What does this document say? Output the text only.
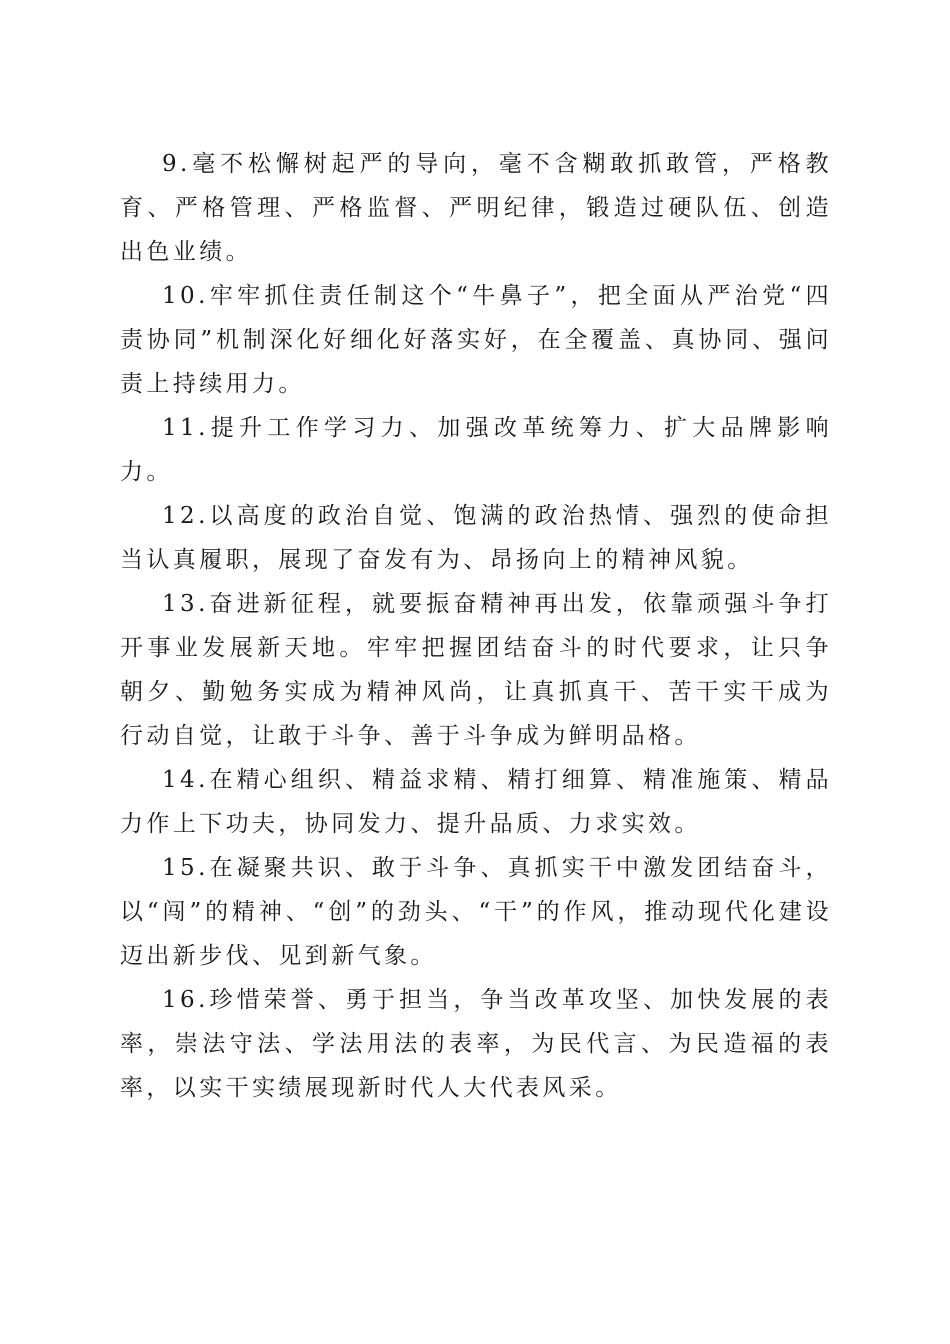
9.毫不松懈树起严的导向，毫不含糊敢抓敢管，严格教育、严格管理、严格监督、严明纪律，锻造过硬队伍、创造出色业绩。

10.牢牢抓住责任制这个“牛鼻子”，把全面从严治党“四责协同”机制深化好细化好落实好，在全覆盖、真协同、强问责上持续用力。

11.提升工作学习力、加强改革统筹力、扩大品牌影响力。

12.以高度的政治自觉、饱满的政治热情、强烈的使命担当认真履职，展现了奋发有为、昂扬向上的精神风貌。

13.奋进新征程，就要振奋精神再出发，依靠顽强斗争打开事业发展新天地。牢牢把握团结奋斗的时代要求，让只争朝夕、勤勉务实成为精神风尚，让真抓真干、苦干实干成为行动自觉，让敢于斗争、善于斗争成为鲜明品格。

14.在精心组织、精益求精、精打细算、精准施策、精品力作上下功夫，协同发力、提升品质、力求实效。

15.在凝聚共识、敢于斗争、真抓实干中激发团结奋斗，以“闯”的精神、“创”的劲头、“干”的作风，推动现代化建设迈出新步伐、见到新气象。

16.珍惜荣誉、勇于担当，争当改革攻坚、加快发展的表率，崇法守法、学法用法的表率，为民代言、为民造福的表率，以实干实绩展现新时代人大代表风采。
